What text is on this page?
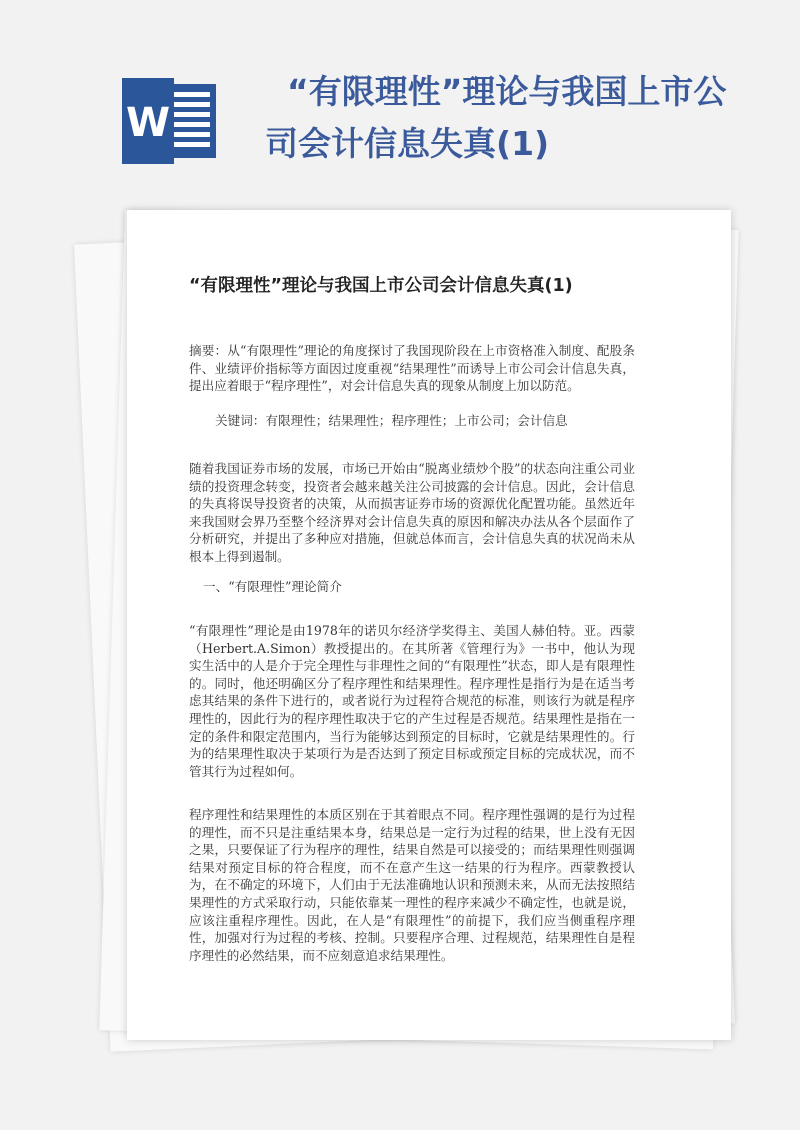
W
“有限理性”理论与我国上市公司会计信息失真(1)
“有限理性”理论与我国上市公司会计信息失真(1)

摘要：从“有限理性”理论的角度探讨了我国现阶段在上市资格准入制度、配股条件、业绩评价指标等方面因过度重视“结果理性”而诱导上市公司会计信息失真，提出应着眼于“程序理性”，对会计信息失真的现象从制度上加以防范。

关键词：有限理性；结果理性；程序理性；上市公司；会计信息

随着我国证券市场的发展，市场已开始由“脱离业绩炒个股”的状态向注重公司业绩的投资理念转变，投资者会越来越关注公司披露的会计信息。因此，会计信息的失真将误导投资者的决策，从而损害证券市场的资源优化配置功能。虽然近年来我国财会界乃至整个经济界对会计信息失真的原因和解决办法从各个层面作了分析研究，并提出了多种应对措施，但就总体而言，会计信息失真的状况尚未从根本上得到遏制。

一、“有限理性”理论简介

“有限理性”理论是由1978年的诺贝尔经济学奖得主、美国人赫伯特。亚。西蒙（Herbert.A.Simon）教授提出的。在其所著《管理行为》一书中，他认为现实生活中的人是介于完全理性与非理性之间的“有限理性”状态，即人是有限理性的。同时，他还明确区分了程序理性和结果理性。程序理性是指行为是在适当考虑其结果的条件下进行的，或者说行为过程符合规范的标准，则该行为就是程序理性的，因此行为的程序理性取决于它的产生过程是否规范。结果理性是指在一定的条件和限定范围内，当行为能够达到预定的目标时，它就是结果理性的。行为的结果理性取决于某项行为是否达到了预定目标或预定目标的完成状况，而不管其行为过程如何。

程序理性和结果理性的本质区别在于其着眼点不同。程序理性强调的是行为过程的理性，而不只是注重结果本身，结果总是一定行为过程的结果，世上没有无因之果，只要保证了行为程序的理性，结果自然是可以接受的；而结果理性则强调结果对预定目标的符合程度，而不在意产生这一结果的行为程序。西蒙教授认为，在不确定的环境下，人们由于无法准确地认识和预测未来，从而无法按照结果理性的方式采取行动，只能依靠某一理性的程序来减少不确定性，也就是说，应该注重程序理性。因此，在人是“有限理性”的前提下，我们应当侧重程序理性，加强对行为过程的考核、控制。只要程序合理、过程规范，结果理性自是程序理性的必然结果，而不应刻意追求结果理性。
